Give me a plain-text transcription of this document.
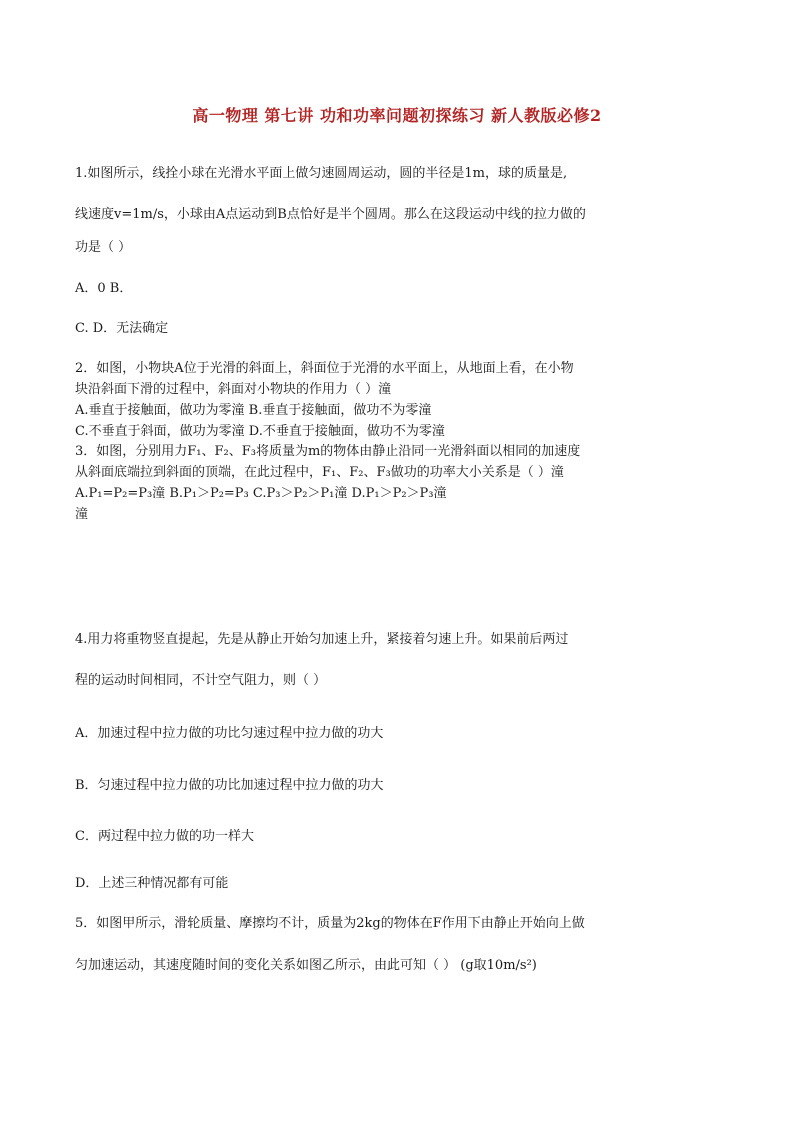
高一物理 第七讲 功和功率问题初探练习 新人教版必修2
1.如图所示，线拴小球在光滑水平面上做匀速圆周运动，圆的半径是1m，球的质量是,
线速度v=1m/s，小球由A点运动到B点恰好是半个圆周。那么在这段运动中线的拉力做的
功是（ ）
A．0 B．
C. D．无法确定
2．如图，小物块A位于光滑的斜面上，斜面位于光滑的水平面上，从地面上看，在小物
块沿斜面下滑的过程中，斜面对小物块的作用力（ ）潼
A.垂直于接触面，做功为零潼 B.垂直于接触面，做功不为零潼
C.不垂直于斜面，做功为零潼 D.不垂直于接触面，做功不为零潼
3．如图，分别用力F₁、F₂、F₃将质量为m的物体由静止沿同一光滑斜面以相同的加速度
从斜面底端拉到斜面的顶端，在此过程中，F₁、F₂、F₃做功的功率大小关系是（ ）潼
A.P₁=P₂=P₃潼 B.P₁＞P₂=P₃ C.P₃＞P₂＞P₁潼 D.P₁＞P₂＞P₃潼
潼
4.用力将重物竖直提起，先是从静止开始匀加速上升，紧接着匀速上升。如果前后两过
程的运动时间相同，不计空气阻力，则（ ）
A．加速过程中拉力做的功比匀速过程中拉力做的功大
B．匀速过程中拉力做的功比加速过程中拉力做的功大
C．两过程中拉力做的功一样大
D．上述三种情况都有可能
5．如图甲所示，滑轮质量、摩擦均不计，质量为2kg的物体在F作用下由静止开始向上做
匀加速运动，其速度随时间的变化关系如图乙所示，由此可知（ ） (g取10m/s²)
